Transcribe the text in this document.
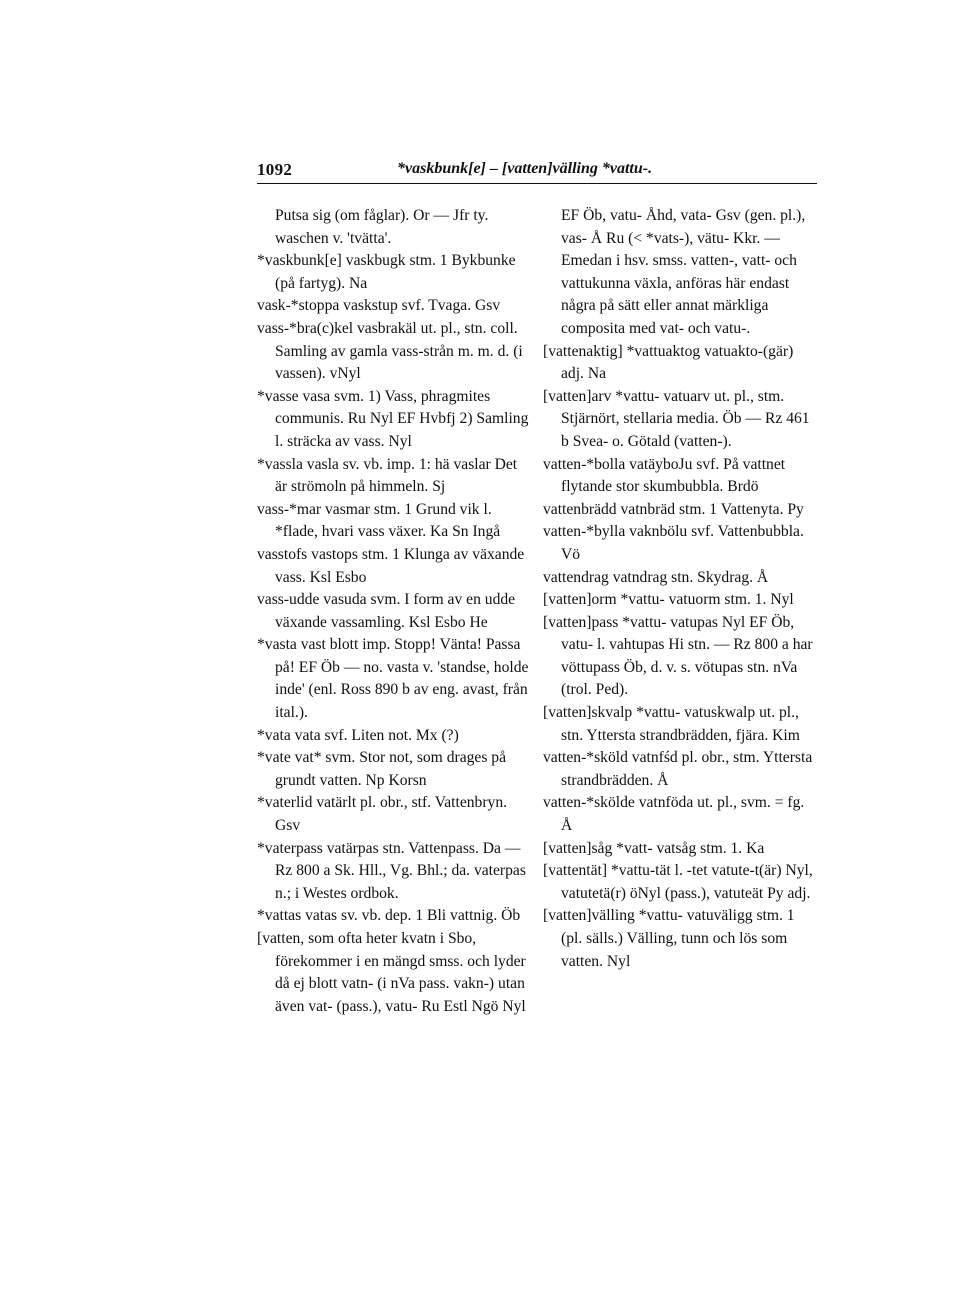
1092	*vaskbunk[e] – [vatten]välling *vattu-.

Putsa sig (om fåglar). Or — Jfr ty. waschen v. 'tvätta'.

*vaskbunk[e] vaskbugk stm. 1 Bykbunke (på fartyg). Na

vask-*stoppa vaskstup svf. Tvaga. Gsv

vass-*bra(c)kel vasbrakäl ut. pl., stn. coll. Samling av gamla vass-strån m. m. d. (i vassen). vNyl

*vasse vasa svm. 1) Vass, phragmites communis. Ru Nyl EF Hvbfj 2) Samling l. sträcka av vass. Nyl

*vassla vasla sv. vb. imp. 1: hä vaslar Det är strömoln på himmeln. Sj

vass-*mar vasmar stm. 1 Grund vik l. *flade, hvari vass växer. Ka Sn Ingå

vasstofs vastops stm. 1 Klunga av växande vass. Ksl Esbo

vass-udde vasuda svm. I form av en udde växande vassamling. Ksl Esbo He

*vasta vast blott imp. Stopp! Vänta! Passa på! EF Öb — no. vasta v. 'standse, holde inde' (enl. Ross 890 b av eng. avast, från ital.).

*vata vata svf. Liten not. Mx (?)

*vate vat* svm. Stor not, som drages på grundt vatten. Np Korsn

*vaterlid vatärlt pl. obr., stf. Vattenbryn. Gsv

*vaterpass vatärpas stn. Vattenpass. Da — Rz 800 a Sk. Hll., Vg. Bhl.; da. vaterpas n.; i Westes ordbok.

*vattas vatas sv. vb. dep. 1 Bli vattnig. Öb

[vatten, som ofta heter kvatn i Sbo, förekommer i en mängd smss. och lyder då ej blott vatn- (i nVa pass. vakn-) utan även vat- (pass.), vatu- Ru Estl Ngö Nyl

EF Öb, vatu- Åhd, vata- Gsv (gen. pl.), vas- Å Ru (< *vats-), vätu- Kkr. — Emedan i hsv. smss. vatten-, vatt- och vattukunna växla, anföras här endast några på sätt eller annat märkliga composita med vat- och vatu-.

[vattenaktig] *vattuaktog vatuakto-(gär) adj. Na

[vatten]arv *vattu- vatuarv ut. pl., stm. Stjärnört, stellaria media. Öb — Rz 461 b Svea- o. Götald (vatten-).

vatten-*bolla vatäyboJu svf. På vattnet flytande stor skumbubbla. Brdö

vattenbrädd vatnbräd stm. 1 Vattenyta. Py

vatten-*bylla vaknbölu svf. Vattenbubbla. Vö

vattendrag vatndrag stn. Skydrag. Å

[vatten]orm *vattu- vatuorm stm. 1. Nyl

[vatten]pass *vattu- vatupas Nyl EF Öb, vatu- l. vahtupas Hi stn. — Rz 800 a har vöttupass Öb, d. v. s. vötupas stn. nVa (trol. Ped).

[vatten]skvalp *vattu- vatuskwalp ut. pl., stn. Yttersta strandbrädden, fjära. Kim

vatten-*sköld vatnfśd pl. obr., stm. Yttersta strandbrädden. Å

vatten-*skölde vatnföda ut. pl., svm. = fg. Å

[vatten]såg *vatt- vatsåg stm. 1. Ka

[vattentät] *vattu-tät l. -tet vatute-t(är) Nyl, vatutetä(r) öNyl (pass.), vatuteät Py adj.

[vatten]välling *vattu- vatuväligg stm. 1 (pl. sälls.) Välling, tunn och lös som vatten. Nyl
